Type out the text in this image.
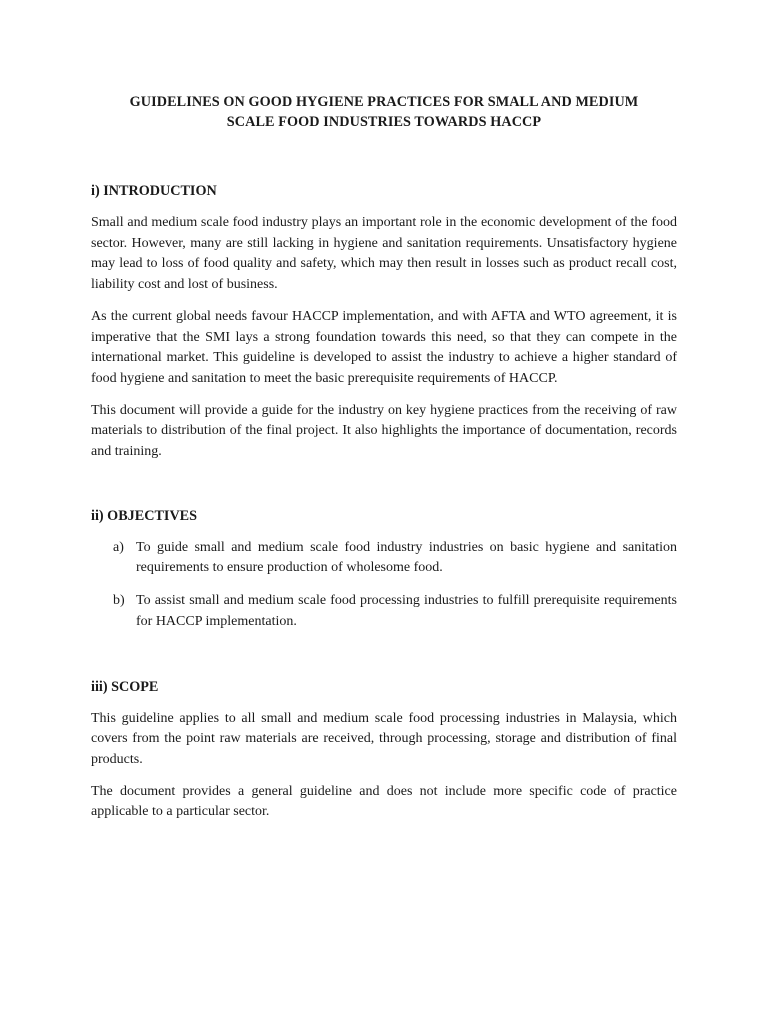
GUIDELINES ON GOOD HYGIENE PRACTICES FOR SMALL AND MEDIUM
SCALE FOOD INDUSTRIES TOWARDS HACCP

i) INTRODUCTION

Small and medium scale food industry plays an important role in the economic development of the food sector. However, many are still lacking in hygiene and sanitation requirements. Unsatisfactory hygiene may lead to loss of food quality and safety, which may then result in losses such as product recall cost, liability cost and lost of business.

As the current global needs favour HACCP implementation, and with AFTA and WTO agreement, it is imperative that the SMI lays a strong foundation towards this need, so that they can compete in the international market. This guideline is developed to assist the industry to achieve a higher standard of food hygiene and sanitation to meet the basic prerequisite requirements of HACCP.

This document will provide a guide for the industry on key hygiene practices from the receiving of raw materials to distribution of the final project. It also highlights the importance of documentation, records and training.

ii) OBJECTIVES

a) To guide small and medium scale food industry industries on basic hygiene and sanitation requirements to ensure production of wholesome food.
b) To assist small and medium scale food processing industries to fulfill prerequisite requirements for HACCP implementation.

iii) SCOPE

This guideline applies to all small and medium scale food processing industries in Malaysia, which covers from the point raw materials are received, through processing, storage and distribution of final products.

The document provides a general guideline and does not include more specific code of practice applicable to a particular sector.
